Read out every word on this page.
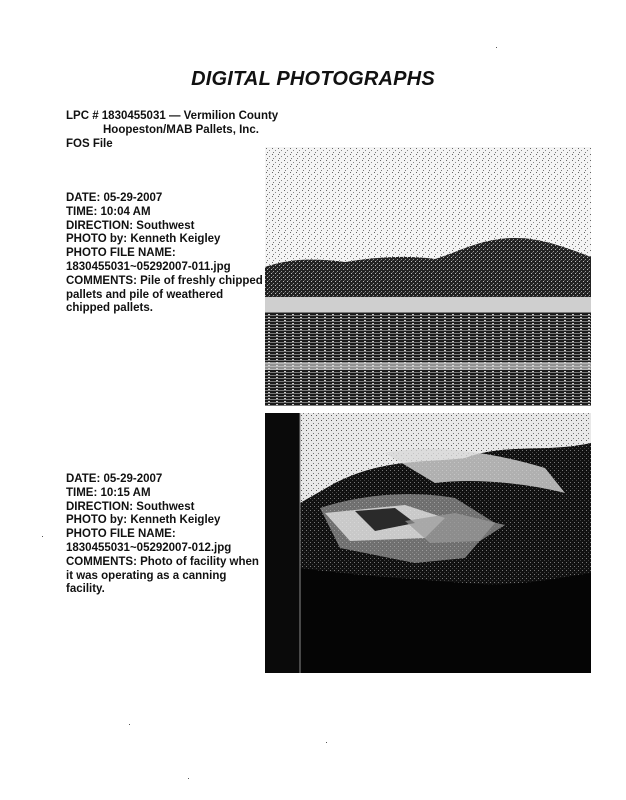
DIGITAL PHOTOGRAPHS
LPC # 1830455031 — Vermilion County
Hoopeston/MAB Pallets, Inc.
FOS File
DATE: 05-29-2007
TIME: 10:04 AM
DIRECTION: Southwest
PHOTO by: Kenneth Keigley
PHOTO FILE NAME:
1830455031~05292007-011.jpg
COMMENTS: Pile of freshly chipped pallets and pile of weathered chipped pallets.
DATE: 05-29-2007
TIME: 10:15 AM
DIRECTION: Southwest
PHOTO by: Kenneth Keigley
PHOTO FILE NAME:
1830455031~05292007-012.jpg
COMMENTS: Photo of facility when it was operating as a canning facility.
